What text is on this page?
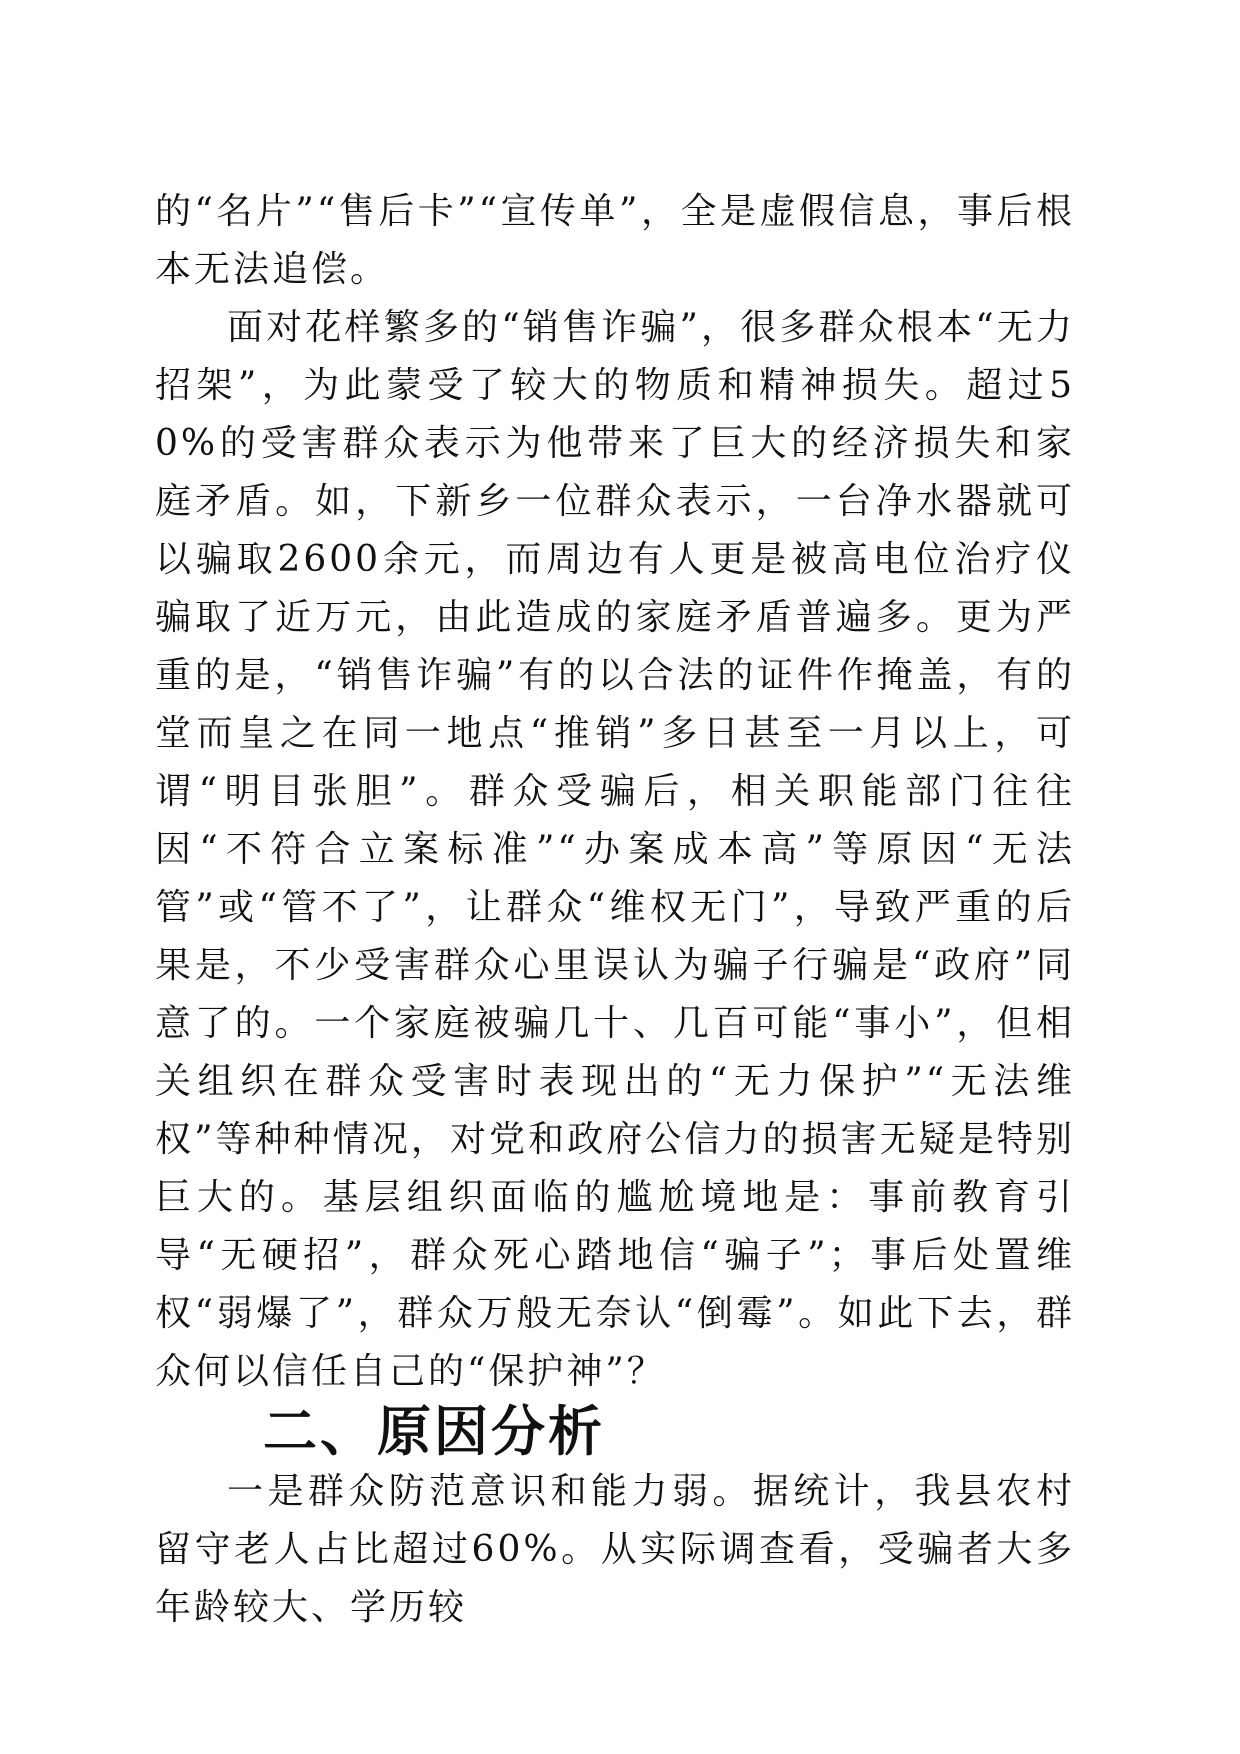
的“名片”“售后卡”“宣传单”，全是虚假信息，事后根本无法追偿。

面对花样繁多的“销售诈骗”，很多群众根本“无力招架”，为此蒙受了较大的物质和精神损失。超过50%的受害群众表示为他带来了巨大的经济损失和家庭矛盾。如，下新乡一位群众表示，一台净水器就可以骗取2600余元，而周边有人更是被高电位治疗仪骗取了近万元，由此造成的家庭矛盾普遍多。更为严重的是，“销售诈骗”有的以合法的证件作掩盖，有的堂而皇之在同一地点“推销”多日甚至一月以上，可谓“明目张胆”。群众受骗后，相关职能部门往往因“不符合立案标准”“办案成本高”等原因“无法管”或“管不了”，让群众“维权无门”，导致严重的后果是，不少受害群众心里误认为骗子行骗是“政府”同意了的。一个家庭被骗几十、几百可能“事小”，但相关组织在群众受害时表现出的“无力保护”“无法维权”等种种情况，对党和政府公信力的损害无疑是特别巨大的。基层组织面临的尴尬境地是：事前教育引导“无硬招”，群众死心踏地信“骗子”；事后处置维权“弱爆了”，群众万般无奈认“倒霉”。如此下去，群众何以信任自己的“保护神”？

二、原因分析

一是群众防范意识和能力弱。据统计，我县农村留守老人占比超过60%。从实际调查看，受骗者大多年龄较大、学历较
